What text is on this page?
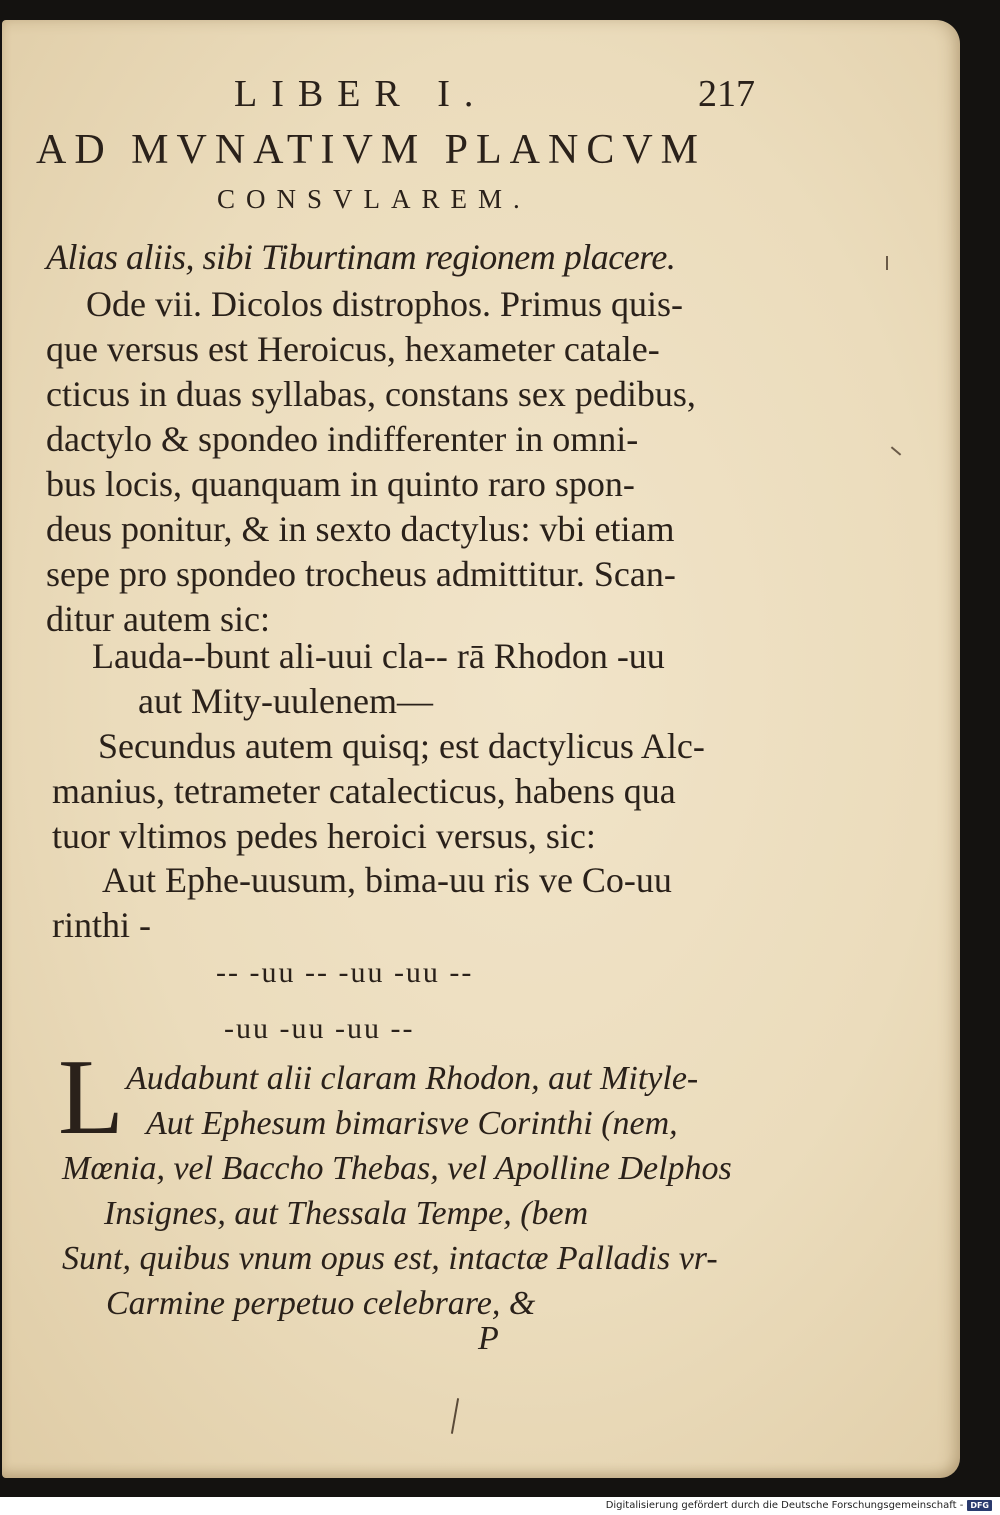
LIBER I.	217
AD MVNATIVM PLANCVM
CONSVLAREM.
Alias aliis, sibi Tiburtinam regionem placere.
Ode vii. Dicolos distrophos. Primus quis-
que versus est Heroicus, hexameter catale-
cticus in duas syllabas, constans sex pedibus,
dactylo & spondeo indifferenter in omni-
bus locis, quanquam in quinto raro spon-
deus ponitur, & in sexto dactylus: vbi etiam
sepe pro spondeo trocheus admittitur. Scan-
ditur autem sic:
Lauda--bunt ali-uui cla-- rā Rhodon -uu
aut Mity-uulenem—
Secundus autem quisq; est dactylicus Alc-
manius, tetrameter catalecticus, habens qua
tuor vltimos pedes heroici versus, sic:
Aut Ephe-uusum, bima-uu ris ve Co-uu
rinthi -
-- -uu -- -uu -uu --
-uu -uu -uu --
L Audabunt alii claram Rhodon, aut Mityle-
Aut Ephesum bimarisve Corinthi (nem,
Mœnia, vel Baccho Thebas, vel Apolline Delphos
Insignes, aut Thessala Tempe, (bem
Sunt, quibus vnum opus est, intactæ Palladis vr-
Carmine perpetuo celebrare, &
P
Digitalisierung gefördert durch die Deutsche Forschungsgemeinschaft - DFG
